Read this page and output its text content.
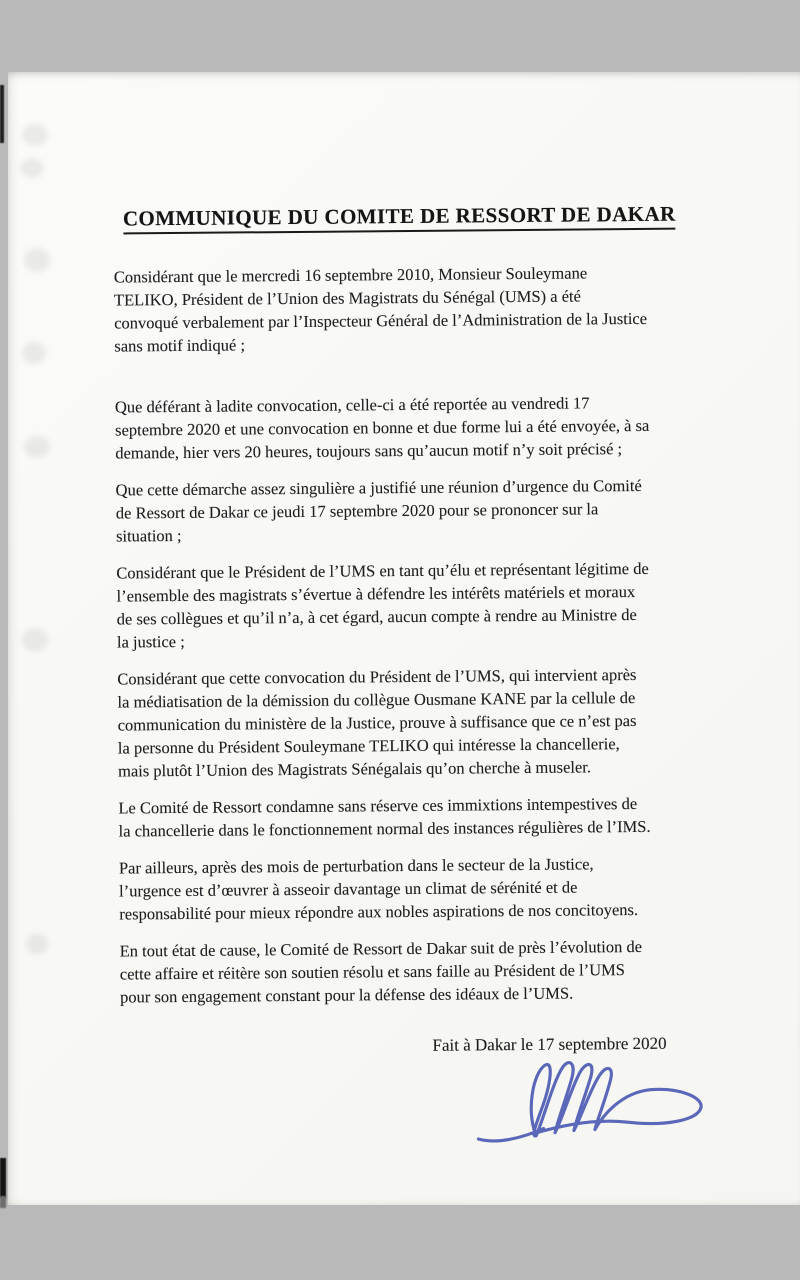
COMMUNIQUE DU COMITE DE RESSORT DE DAKAR

Considérant que le mercredi 16 septembre 2010, Monsieur Souleymane
TELIKO, Président de l’Union des Magistrats du Sénégal (UMS) a été
convoqué verbalement par l’Inspecteur Général de l’Administration de la Justice
sans motif indiqué ;

Que déférant à ladite convocation, celle-ci a été reportée au vendredi 17
septembre 2020 et une convocation en bonne et due forme lui a été envoyée, à sa
demande, hier vers 20 heures, toujours sans qu’aucun motif n’y soit précisé ;

Que cette démarche assez singulière a justifié une réunion d’urgence du Comité
de Ressort de Dakar ce jeudi 17 septembre 2020 pour se prononcer sur la
situation ;

Considérant que le Président de l’UMS en tant qu’élu et représentant légitime de
l’ensemble des magistrats s’évertue à défendre les intérêts matériels et moraux
de ses collègues et qu’il n’a, à cet égard, aucun compte à rendre au Ministre de
la justice ;

Considérant que cette convocation du Président de l’UMS, qui intervient après
la médiatisation de la démission du collègue Ousmane KANE par la cellule de
communication du ministère de la Justice, prouve à suffisance que ce n’est pas
la personne du Président Souleymane TELIKO qui intéresse la chancellerie,
mais plutôt l’Union des Magistrats Sénégalais qu’on cherche à museler.

Le Comité de Ressort condamne sans réserve ces immixtions intempestives de
la chancellerie dans le fonctionnement normal des instances régulières de l’IMS.

Par ailleurs, après des mois de perturbation dans le secteur de la Justice,
l’urgence est d’œuvrer à asseoir davantage un climat de sérénité et de
responsabilité pour mieux répondre aux nobles aspirations de nos concitoyens.

En tout état de cause, le Comité de Ressort de Dakar suit de près l’évolution de
cette affaire et réitère son soutien résolu et sans faille au Président de l’UMS
pour son engagement constant pour la défense des idéaux de l’UMS.

Fait à Dakar le 17 septembre 2020
